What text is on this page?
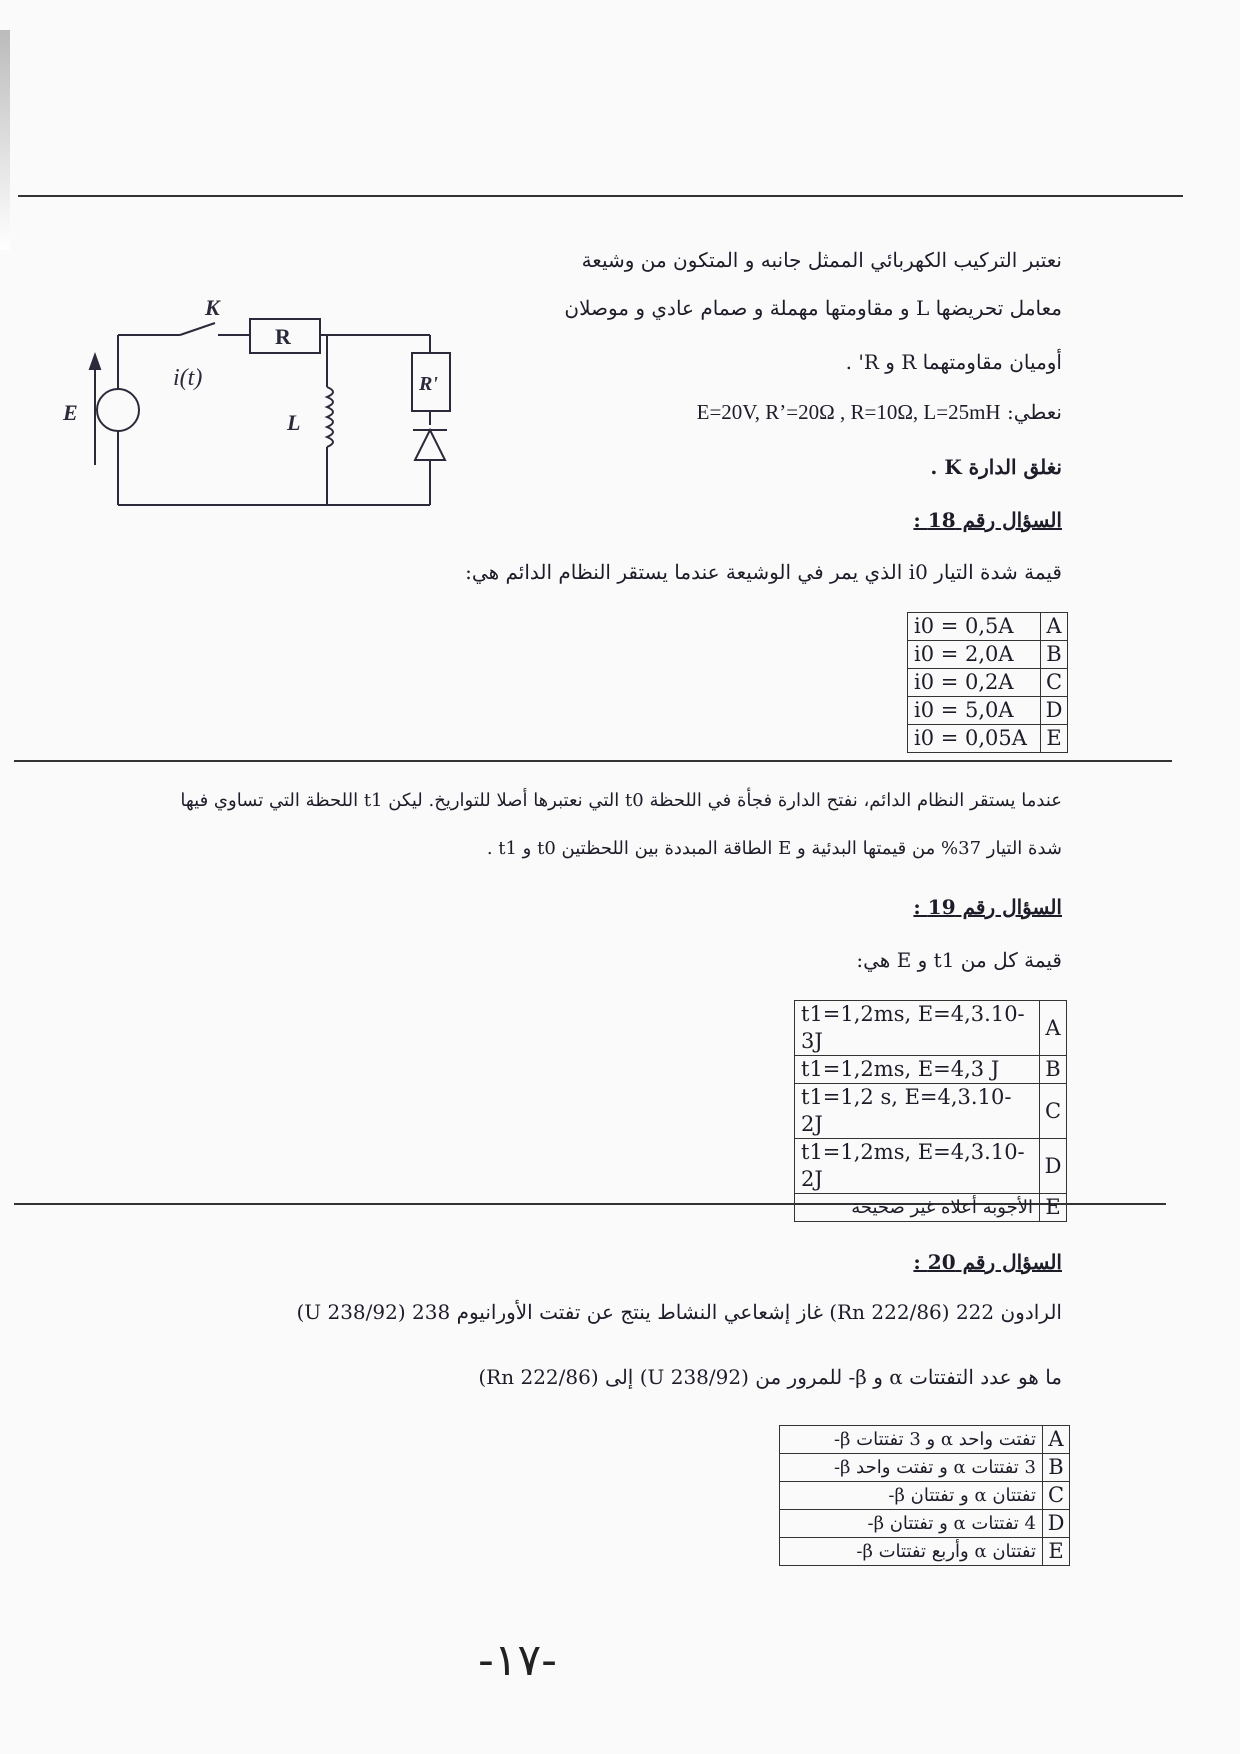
K
R
i(t)
E	L
R'
نعتبر التركيب الكهربائي الممثل جانبه و المتكون من وشيعة
معامل تحريضها L و مقاومتها مهملة و صمام عادي و موصلان
أوميان مقاومتهما R و R' .
نعطي: E=20V, R’=20Ω , R=10Ω, L=25mH
نغلق الدارة K .
السؤال رقم 18 :
قيمة شدة التيار i0 الذي يمر في الوشيعة عندما يستقر النظام الدائم هي:
i0 = 0,5A	A
i0 = 2,0A	B
i0 = 0,2A	C
i0 = 5,0A	D
i0 = 0,05A	E
عندما يستقر النظام الدائم، نفتح الدارة فجأة في اللحظة t0 التي نعتبرها أصلا للتواريخ. ليكن t1 اللحظة التي تساوي فيها
شدة التيار 37% من قيمتها البدئية و E الطاقة المبددة بين اللحظتين t0 و t1 .
السؤال رقم 19 :
قيمة كل من t1 و E هي:
t1=1,2ms, E=4,3.10-3J	A
t1=1,2ms, E=4,3 J	B
t1=1,2 s, E=4,3.10-2J	C
t1=1,2ms, E=4,3.10-2J	D
الأجوبة أعلاه غير صحيحة	E
السؤال رقم 20 :
الرادون 222 (222/86 Rn) غاز إشعاعي النشاط ينتج عن تفتت الأورانيوم 238 (238/92 U)
ما هو عدد التفتتات α و β- للمرور من (238/92 U) إلى (222/86 Rn)
تفتت واحد α و 3 تفتتات β-	A
3 تفتتات α و تفتت واحد β-	B
تفتتان α و تفتتان β-	C
4 تفتتات α و تفتتان β-	D
تفتتان α وأربع تفتتات β-	E
-١٧-
